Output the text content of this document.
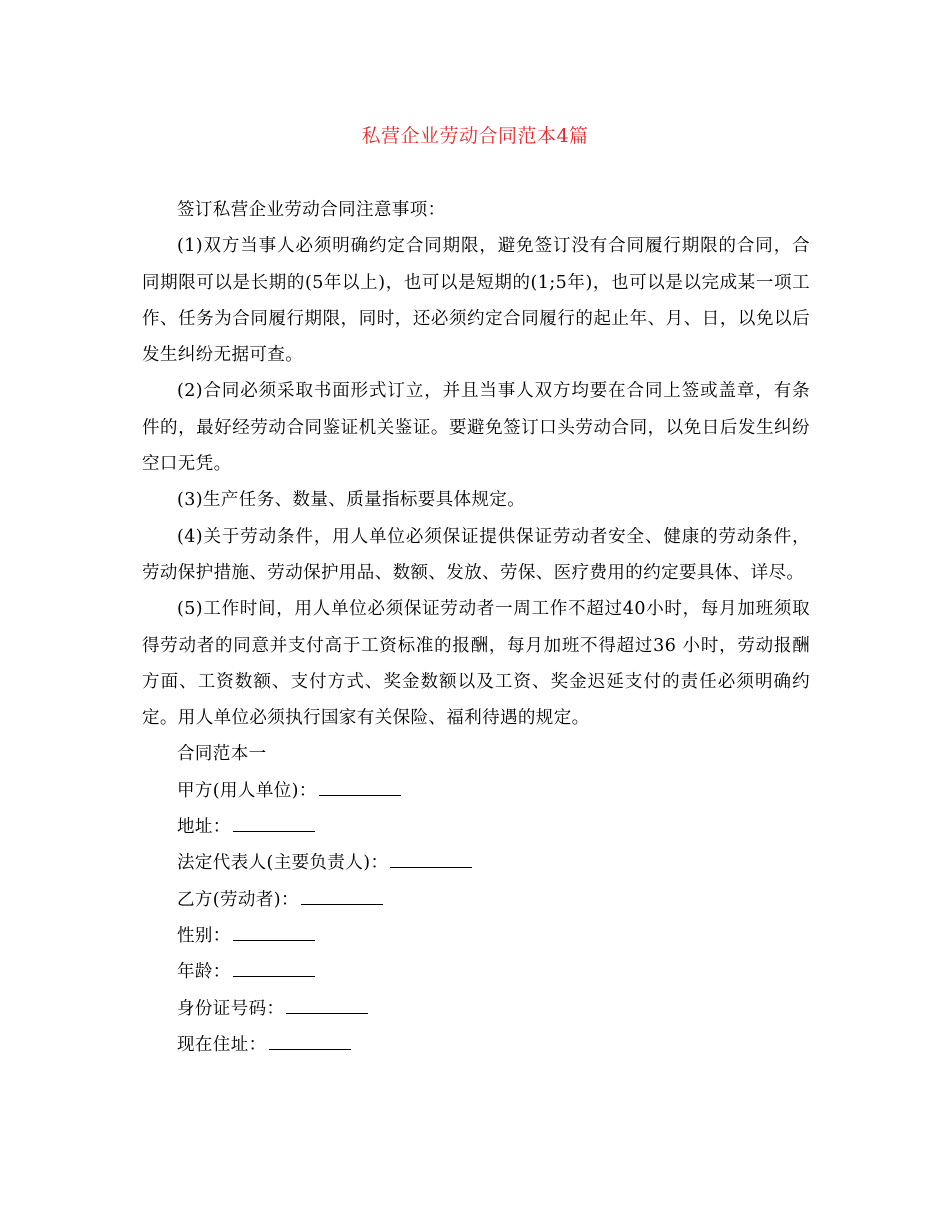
私营企业劳动合同范本4篇

签订私营企业劳动合同注意事项：

(1)双方当事人必须明确约定合同期限，避免签订没有合同履行期限的合同，合同期限可以是长期的(5年以上)，也可以是短期的(1;5年)，也可以是以完成某一项工作、任务为合同履行期限，同时，还必须约定合同履行的起止年、月、日，以免以后发生纠纷无据可查。

(2)合同必须采取书面形式订立，并且当事人双方均要在合同上签或盖章，有条件的，最好经劳动合同鉴证机关鉴证。要避免签订口头劳动合同，以免日后发生纠纷空口无凭。

(3)生产任务、数量、质量指标要具体规定。

(4)关于劳动条件，用人单位必须保证提供保证劳动者安全、健康的劳动条件，劳动保护措施、劳动保护用品、数额、发放、劳保、医疗费用的约定要具体、详尽。

(5)工作时间，用人单位必须保证劳动者一周工作不超过40小时，每月加班须取得劳动者的同意并支付高于工资标准的报酬，每月加班不得超过36 小时，劳动报酬方面、工资数额、支付方式、奖金数额以及工资、奖金迟延支付的责任必须明确约定。用人单位必须执行国家有关保险、福利待遇的规定。

合同范本一

甲方(用人单位)：

地址：

法定代表人(主要负责人)：

乙方(劳动者)：

性别：

年龄：

身份证号码：

现在住址：
